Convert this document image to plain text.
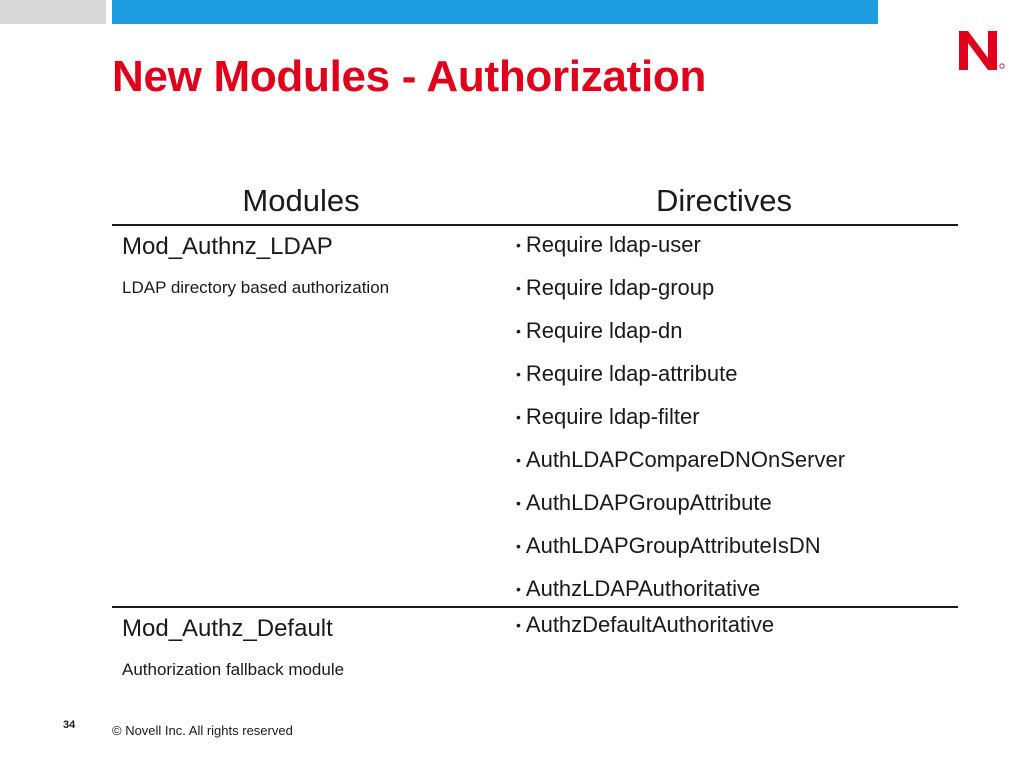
New Modules - Authorization
Modules	Directives
Mod_Authnz_LDAP
LDAP directory based authorization
• Require ldap-user
• Require ldap-group
• Require ldap-dn
• Require ldap-attribute
• Require ldap-filter
• AuthLDAPCompareDNOnServer
• AuthLDAPGroupAttribute
• AuthLDAPGroupAttributeIsDN
• AuthzLDAPAuthoritative
Mod_Authz_Default
Authorization fallback module
• AuthzDefaultAuthoritative
34	© Novell Inc. All rights reserved
